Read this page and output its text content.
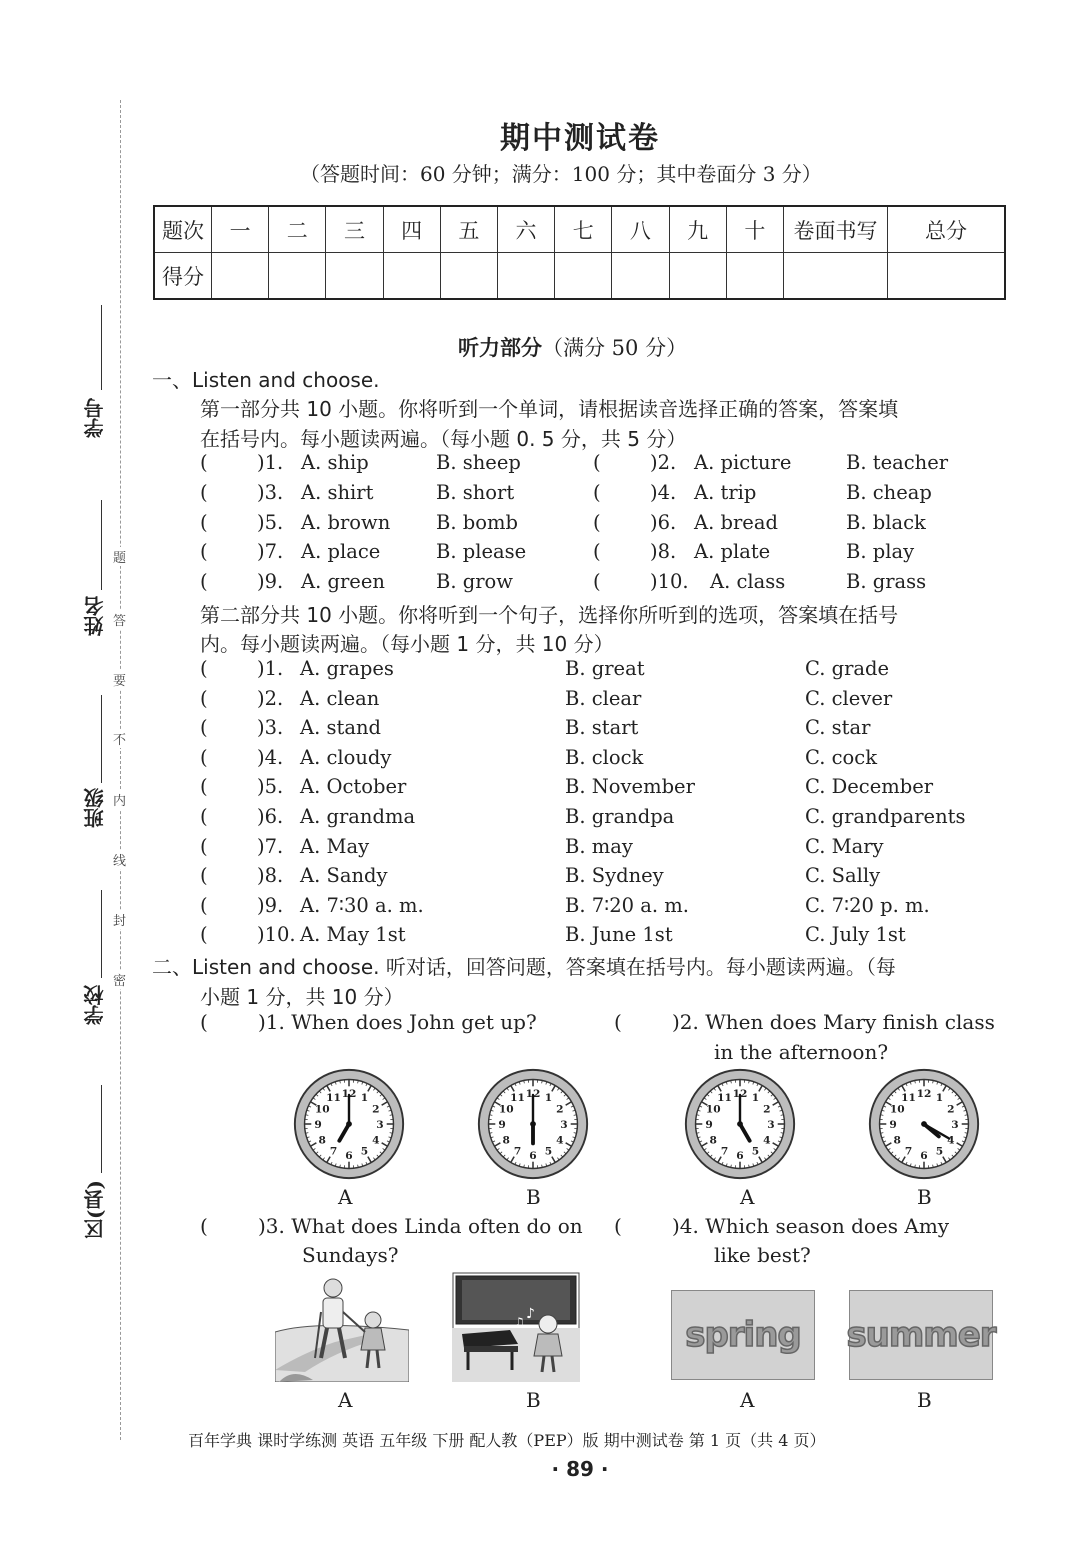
期中测试卷
（答题时间：60 分钟；满分：100 分；其中卷面分 3 分）
题次	一	二	三	四	五	六	七	八	九	十	卷面书写	总分
得分												
题
答
要
不
内
线
封
密
学号
姓名
班级
学校
区(县)
听力部分（满分 50 分）
一、Listen and choose.
第一部分共 10 小题。你将听到一个单词，请根据读音选择正确的答案，答案填
在括号内。每小题读两遍。（每小题 0. 5 分，共 5 分）
(	)1. A. ship	B. sheep	(	)2. A. picture	B. teacher
(	)3. A. shirt	B. short	(	)4. A. trip	B. cheap
(	)5. A. brown B. bomb	(	)6. A. bread	B. black
(	)7. A. place	B. please	(	)8. A. plate	B. play
(	)9. A. green	B. grow	(	)10. A. class	B. grass
第二部分共 10 小题。你将听到一个句子，选择你所听到的选项，答案填在括号
内。每小题读两遍。（每小题 1 分，共 10 分）
(	)1. A. grapes	B. great	C. grade
(	)2. A. clean	B. clear	C. clever
(	)3. A. stand	B. start	C. star
(	)4. A. cloudy	B. clock	C. cock
(	)5. A. October	B. November	C. December
(	)6. A. grandma	B. grandpa	C. grandparents
(	)7. A. May	B. may	C. Mary
(	)8. A. Sandy	B. Sydney	C. Sally
(	)9. A. 7∶30 a. m.	B. 7∶20 a. m.	C. 7∶20 p. m.
(	)10. A. May 1st	B. June 1st	C. July 1st
二、Listen and choose. 听对话，回答问题，答案填在括号内。每小题读两遍。（每
小题 1 分，共 10 分）
(	)1. When does John get up?	(	)2. When does Mary finish class
in the afternoon?
1
2
3
4
5
6
7
8
9
10
11 12	1
2
3
4
5
6
7
8
9
10
11 12	1
2
3
4
5
6
7
8
9
10
11 12	1
2
3
4
5
6
7
8
9
10
11 12
A	B	A	B
(	)3. What does Linda often do on
Sundays?
(	)4. Which season does Amy
like best?
♪
♫
A	B
spring summer
A	B
百年学典 课时学练测 英语 五年级 下册 配人教（PEP）版 期中测试卷 第 1 页（共 4 页）
· 89 ·
